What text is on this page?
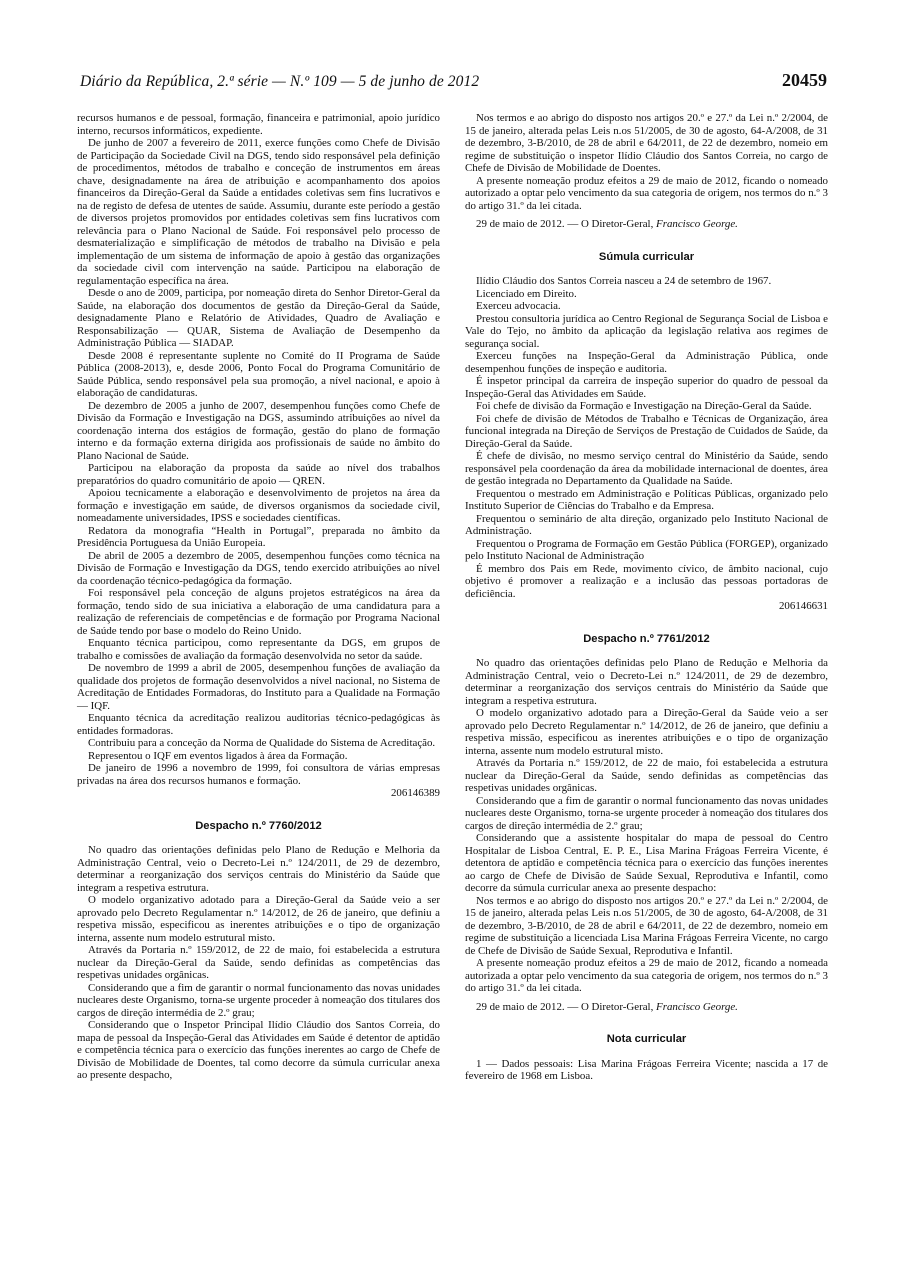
Diário da República, 2.ª série — N.º 109 — 5 de junho de 2012	20459

recursos humanos e de pessoal, formação, financeira e patrimonial, apoio jurídico interno, recursos informáticos, expediente.

De junho de 2007 a fevereiro de 2011, exerce funções como Chefe de Divisão de Participação da Sociedade Civil na DGS, tendo sido responsável pela definição de procedimentos, métodos de trabalho e conceção de instrumentos em áreas chave, designadamente na área de atribuição e acompanhamento dos apoios financeiros da Direção-Geral da Saúde a entidades coletivas sem fins lucrativos e na de registo de defesa de utentes de saúde. Assumiu, durante este período a gestão de diversos projetos promovidos por entidades coletivas sem fins lucrativos com relevância para o Plano Nacional de Saúde. Foi responsável pelo processo de desmaterialização e simplificação de métodos de trabalho na Divisão e pela implementação de um sistema de informação de apoio à gestão das organizações da sociedade civil com intervenção na saúde. Participou na elaboração de regulamentação específica na área.

Desde o ano de 2009, participa, por nomeação direta do Senhor Diretor-Geral da Saúde, na elaboração dos documentos de gestão da Direção-Geral da Saúde, designadamente Plano e Relatório de Atividades, Quadro de Avaliação e Responsabilização — QUAR, Sistema de Avaliação de Desempenho da Administração Pública — SIADAP.

Desde 2008 é representante suplente no Comité do II Programa de Saúde Pública (2008-2013), e, desde 2006, Ponto Focal do Programa Comunitário de Saúde Pública, sendo responsável pela sua promoção, a nível nacional, e apoio à elaboração de candidaturas.

De dezembro de 2005 a junho de 2007, desempenhou funções como Chefe de Divisão da Formação e Investigação na DGS, assumindo atribuições ao nível da coordenação interna dos estágios de formação, gestão do plano de formação interno e da formação externa dirigida aos profissionais de saúde no âmbito do Plano Nacional de Saúde.

Participou na elaboração da proposta da saúde ao nível dos trabalhos preparatórios do quadro comunitário de apoio — QREN.

Apoiou tecnicamente a elaboração e desenvolvimento de projetos na área da formação e investigação em saúde, de diversos organismos da sociedade civil, nomeadamente universidades, IPSS e sociedades científicas.

Redatora da monografia “Health in Portugal”, preparada no âmbito da Presidência Portuguesa da União Europeia.

De abril de 2005 a dezembro de 2005, desempenhou funções como técnica na Divisão de Formação e Investigação da DGS, tendo exercido atribuições ao nível da coordenação técnico-pedagógica da formação.

Foi responsável pela conceção de alguns projetos estratégicos na área da formação, tendo sido de sua iniciativa a elaboração de uma candidatura para a realização de referenciais de competências e de formação por Programa Nacional de Saúde tendo por base o modelo do Reino Unido.

Enquanto técnica participou, como representante da DGS, em grupos de trabalho e comissões de avaliação da formação desenvolvida no setor da saúde.

De novembro de 1999 a abril de 2005, desempenhou funções de avaliação da qualidade dos projetos de formação desenvolvidos a nível nacional, no Sistema de Acreditação de Entidades Formadoras, do Instituto para a Qualidade na Formação — IQF.

Enquanto técnica da acreditação realizou auditorias técnico-pedagógicas às entidades formadoras.

Contribuiu para a conceção da Norma de Qualidade do Sistema de Acreditação.

Representou o IQF em eventos ligados à área da Formação.

De janeiro de 1996 a novembro de 1999, foi consultora de várias empresas privadas na área dos recursos humanos e formação.

206146389

Despacho n.º 7760/2012

No quadro das orientações definidas pelo Plano de Redução e Melhoria da Administração Central, veio o Decreto-Lei n.º 124/2011, de 29 de dezembro, determinar a reorganização dos serviços centrais do Ministério da Saúde que integram a respetiva estrutura.

O modelo organizativo adotado para a Direção-Geral da Saúde veio a ser aprovado pelo Decreto Regulamentar n.º 14/2012, de 26 de janeiro, que definiu a respetiva missão, especificou as inerentes atribuições e o tipo de organização interna, assente num modelo estrutural misto.

Através da Portaria n.º 159/2012, de 22 de maio, foi estabelecida a estrutura nuclear da Direção-Geral da Saúde, sendo definidas as competências das respetivas unidades orgânicas.

Considerando que a fim de garantir o normal funcionamento das novas unidades nucleares deste Organismo, torna-se urgente proceder à nomeação dos titulares dos cargos de direção intermédia de 2.º grau;

Considerando que o Inspetor Principal Ilídio Cláudio dos Santos Correia, do mapa de pessoal da Inspeção-Geral das Atividades em Saúde é detentor de aptidão e competência técnica para o exercício das funções inerentes ao cargo de Chefe de Divisão de Mobilidade de Doentes, tal como decorre da súmula curricular anexa ao presente despacho,

Nos termos e ao abrigo do disposto nos artigos 20.º e 27.º da Lei n.º 2/2004, de 15 de janeiro, alterada pelas Leis n.os 51/2005, de 30 de agosto, 64-A/2008, de 31 de dezembro, 3-B/2010, de 28 de abril e 64/2011, de 22 de dezembro, nomeio em regime de substituição o inspetor Ilídio Cláudio dos Santos Correia, no cargo de Chefe de Divisão de Mobilidade de Doentes.

A presente nomeação produz efeitos a 29 de maio de 2012, ficando o nomeado autorizado a optar pelo vencimento da sua categoria de origem, nos termos do n.º 3 do artigo 31.º da lei citada.

29 de maio de 2012. — O Diretor-Geral, Francisco George.

Súmula curricular

Ilídio Cláudio dos Santos Correia nasceu a 24 de setembro de 1967.

Licenciado em Direito.

Exerceu advocacia.

Prestou consultoria jurídica ao Centro Regional de Segurança Social de Lisboa e Vale do Tejo, no âmbito da aplicação da legislação relativa aos regimes de segurança social.

Exerceu funções na Inspeção-Geral da Administração Pública, onde desempenhou funções de inspeção e auditoria.

É inspetor principal da carreira de inspeção superior do quadro de pessoal da Inspeção-Geral das Atividades em Saúde.

Foi chefe de divisão da Formação e Investigação na Direção-Geral da Saúde.

Foi chefe de divisão de Métodos de Trabalho e Técnicas de Organização, área funcional integrada na Direção de Serviços de Prestação de Cuidados de Saúde, da Direção-Geral da Saúde.

É chefe de divisão, no mesmo serviço central do Ministério da Saúde, sendo responsável pela coordenação da área da mobilidade internacional de doentes, área de gestão integrada no Departamento da Qualidade na Saúde.

Frequentou o mestrado em Administração e Políticas Públicas, organizado pelo Instituto Superior de Ciências do Trabalho e da Empresa.

Frequentou o seminário de alta direção, organizado pelo Instituto Nacional de Administração.

Frequentou o Programa de Formação em Gestão Pública (FORGEP), organizado pelo Instituto Nacional de Administração

É membro dos Pais em Rede, movimento cívico, de âmbito nacional, cujo objetivo é promover a realização e a inclusão das pessoas portadoras de deficiência.

206146631

Despacho n.º 7761/2012

No quadro das orientações definidas pelo Plano de Redução e Melhoria da Administração Central, veio o Decreto-Lei n.º 124/2011, de 29 de dezembro, determinar a reorganização dos serviços centrais do Ministério da Saúde que integram a respetiva estrutura.

O modelo organizativo adotado para a Direção-Geral da Saúde veio a ser aprovado pelo Decreto Regulamentar n.º 14/2012, de 26 de janeiro, que definiu a respetiva missão, especificou as inerentes atribuições e o tipo de organização interna, assente num modelo estrutural misto.

Através da Portaria n.º 159/2012, de 22 de maio, foi estabelecida a estrutura nuclear da Direção-Geral da Saúde, sendo definidas as competências das respetivas unidades orgânicas.

Considerando que a fim de garantir o normal funcionamento das novas unidades nucleares deste Organismo, torna-se urgente proceder à nomeação dos titulares dos cargos de direção intermédia de 2.º grau;

Considerando que a assistente hospitalar do mapa de pessoal do Centro Hospitalar de Lisboa Central, E. P. E., Lisa Marina Frágoas Ferreira Vicente, é detentora de aptidão e competência técnica para o exercício das funções inerentes ao cargo de Chefe de Divisão de Saúde Sexual, Reprodutiva e Infantil, como decorre da súmula curricular anexa ao presente despacho:

Nos termos e ao abrigo do disposto nos artigos 20.º e 27.º da Lei n.º 2/2004, de 15 de janeiro, alterada pelas Leis n.os 51/2005, de 30 de agosto, 64-A/2008, de 31 de dezembro, 3-B/2010, de 28 de abril e 64/2011, de 22 de dezembro, nomeio em regime de substituição a licenciada Lisa Marina Frágoas Ferreira Vicente, no cargo de Chefe de Divisão de Saúde Sexual, Reprodutiva e Infantil.

A presente nomeação produz efeitos a 29 de maio de 2012, ficando a nomeada autorizada a optar pelo vencimento da sua categoria de origem, nos termos do n.º 3 do artigo 31.º da lei citada.

29 de maio de 2012. — O Diretor-Geral, Francisco George.

Nota curricular

1 — Dados pessoais: Lisa Marina Frágoas Ferreira Vicente; nascida a 17 de fevereiro de 1968 em Lisboa.
